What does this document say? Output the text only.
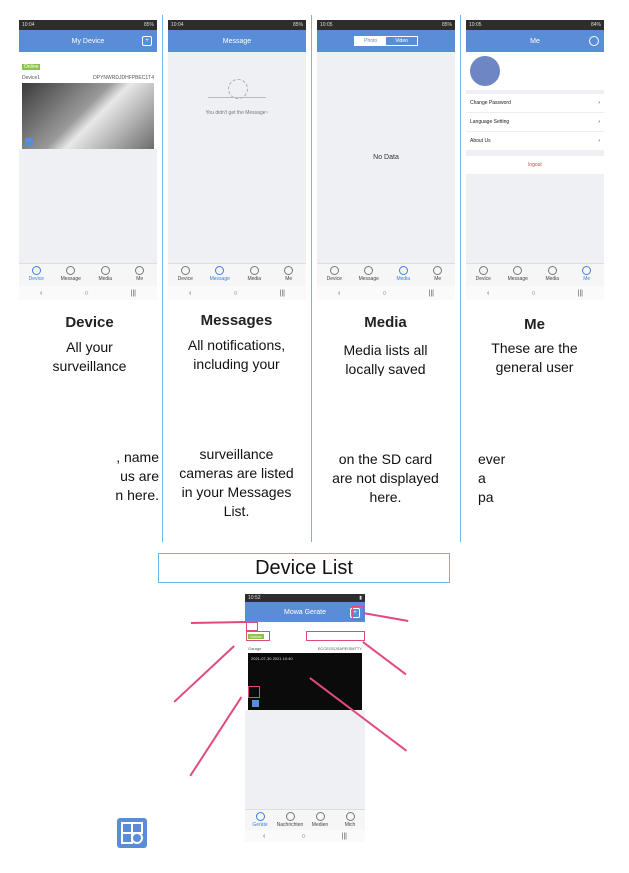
10:04	85%
My Device	+
Online
Device1	DPYNWRDJDHFPBEC1T4
Device	Message	Media	Me
‹	○	|||
10:04	85%
Message
You didn't get the Message~
Device	Message	Media	Me
‹	○	|||
10:05	85%
Photo	Video
No Data
Device	Message	Media	Me
‹	○	|||
10:05	84%
Me
Change Password	›
Language Setting	›
About Us	›
logout
Device	Message	Media	Me
‹	○	|||
Device
All your
surveillance
, name
us are
n here.
Messages
All notifications,
including your
surveillance
cameras are listed
in your Messages
List.
Media
Media lists all
locally saved
on the SD card
are not displayed
here.
Me
These are the
general user
ever
a
pa
Device List
10:52	▮
Mowa Gerate	+
Online
Garage	ECCEGSJSAPEISMTTY
2021-07-30 2021 10:40
Geräte	Nachrichten	Medien	Mich
‹	○	|||
